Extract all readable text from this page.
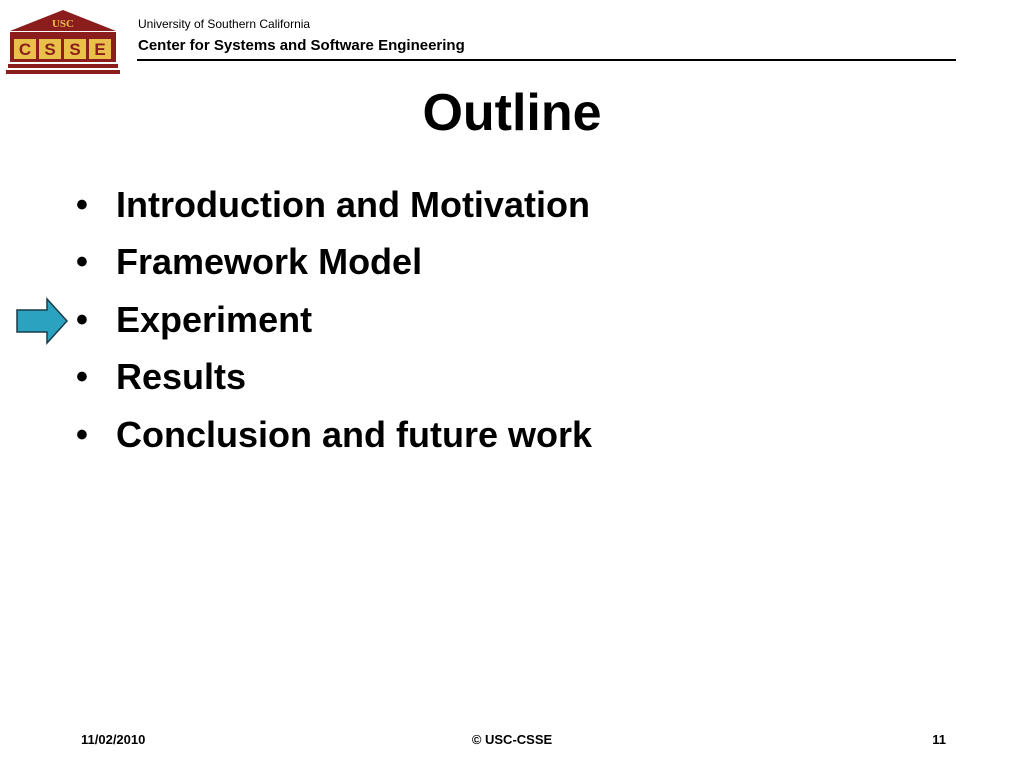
USC
C S S E
University of Southern California
Center for Systems and Software Engineering
Outline
• Introduction and Motivation
• Framework Model
• Experiment
• Results
• Conclusion and future work
11/02/2010	© USC-CSSE	11
